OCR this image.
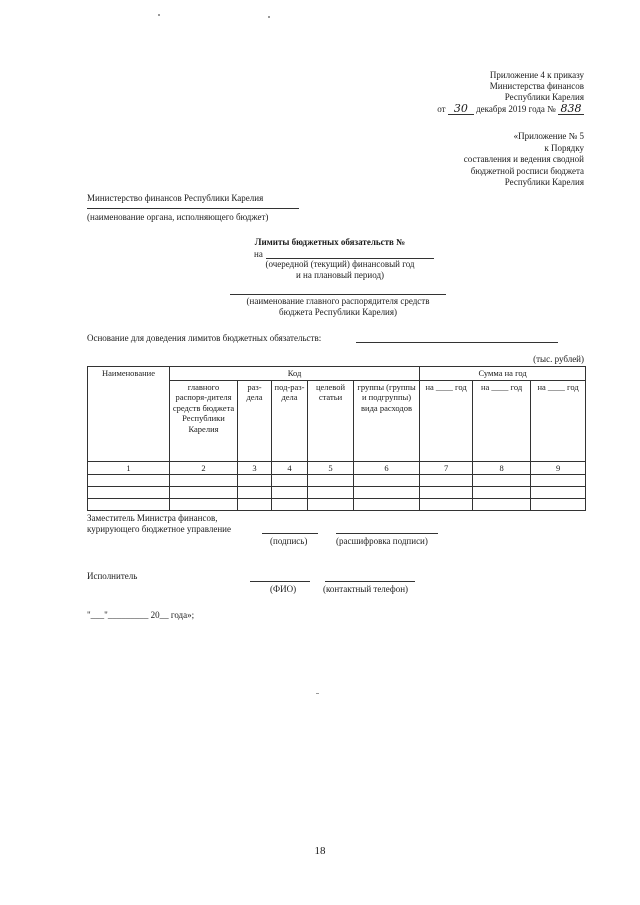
Приложение 4 к приказу
Министерства финансов
Республики Карелия
от 30 декабря 2019 года № 838
«Приложение № 5
к Порядку
составления и ведения сводной
бюджетной росписи бюджета
Республики Карелия
Министерство финансов Республики Карелия
(наименование органа, исполняющего бюджет)
Лимиты бюджетных обязательств №
на
(очередной (текущий) финансовый год
и на плановый период)
(наименование главного распорядителя средств
бюджета Республики Карелия)
Основание для доведения лимитов бюджетных обязательств:
(тыс. рублей)
Наименование	Код					Сумма на год		
	главного распоря-дителя средств бюджета Республики Карелия	раз-дела	под-раз-дела	целевой статьи	группы (группы и подгруппы) вида расходов	на ____ год	на ____ год	на ____ год
1	2	3	4	5	6	7	8	9

Заместитель Министра финансов,
курирующего бюджетное управление
(подпись)	(расшифровка подписи)
Исполнитель
(ФИО)	(контактный телефон)
"___"_________ 20__ года»;
18
